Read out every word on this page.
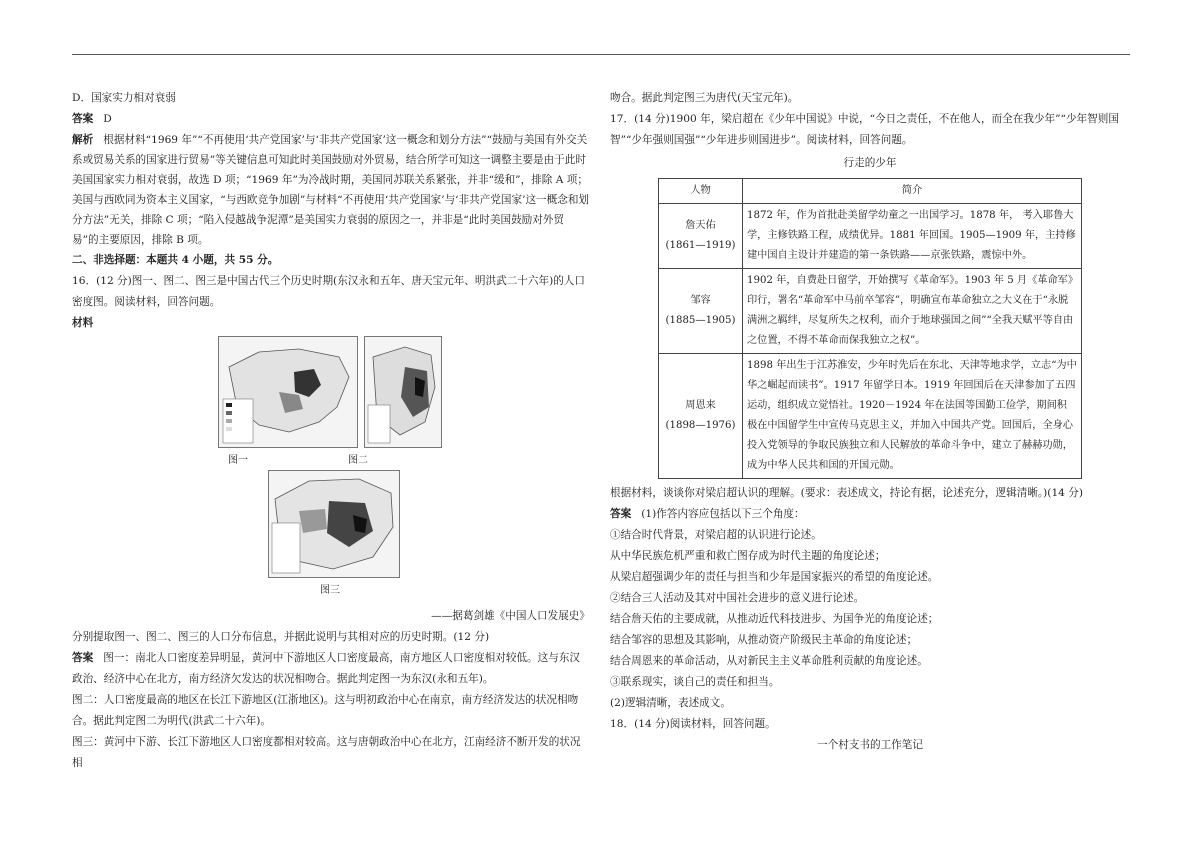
D．国家实力相对衰弱

答案 D

解析 根据材料“1969 年”“不再使用‘共产党国家’与‘非共产党国家’这一概念和划分方法”“鼓励与美国有外交关系或贸易关系的国家进行贸易”等关键信息可知此时美国鼓励对外贸易，结合所学可知这一调整主要是由于此时美国国家实力相对衰弱，故选 D 项；“1969 年”为冷战时期，美国同苏联关系紧张，并非“缓和”，排除 A 项；美国与西欧同为资本主义国家，“与西欧竞争加剧”与材料“不再使用‘共产党国家’与‘非共产党国家’这一概念和划分方法”无关，排除 C 项；“陷入侵越战争泥潭”是美国实力衰弱的原因之一，并非是“此时美国鼓励对外贸易”的主要原因，排除 B 项。

二、非选择题：本题共 4 小题，共 55 分。

16．(12 分)图一、图二、图三是中国古代三个历史时期(东汉永和五年、唐天宝元年、明洪武二十六年)的人口密度图。阅读材料，回答问题。

材料

图一	图二
图三

——据葛剑雄《中国人口发展史》

分别提取图一、图二、图三的人口分布信息，并据此说明与其相对应的历史时期。(12 分)

答案 图一：南北人口密度差异明显，黄河中下游地区人口密度最高，南方地区人口密度相对较低。这与东汉政治、经济中心在北方，南方经济欠发达的状况相吻合。据此判定图一为东汉(永和五年)。

图二：人口密度最高的地区在长江下游地区(江浙地区)。这与明初政治中心在南京，南方经济发达的状况相吻合。据此判定图二为明代(洪武二十六年)。

图三：黄河中下游、长江下游地区人口密度都相对较高。这与唐朝政治中心在北方，江南经济不断开发的状况相

吻合。据此判定图三为唐代(天宝元年)。

17．(14 分)1900 年，梁启超在《少年中国说》中说，“今日之责任，不在他人，而全在我少年”“少年智则国智”“少年强则国强”“少年进步则国进步”。阅读材料，回答问题。

行走的少年

人物	简介

詹天佑
(1861—1919)	1872 年，作为首批赴美留学幼童之一出国学习。1878 年， 考入耶鲁大学，主修铁路工程，成绩优异。1881 年回国。1905—1909 年，主持修建中国自主设计并建造的第一条铁路——京张铁路，震惊中外。

邹容
(1885—1905)	1902 年，自费赴日留学，开始撰写《革命军》。1903 年 5 月《革命军》印行，署名“革命军中马前卒邹容”，明确宣布革命独立之大义在于“永脱满洲之羁绊，尽复所失之权利，而介于地球强国之间”“全我天赋平等自由之位置，不得不革命而保我独立之权”。

周恩来
(1898—1976)	1898 年出生于江苏淮安，少年时先后在东北、天津等地求学，立志“为中华之崛起而读书”。1917 年留学日本。1919 年回国后在天津参加了五四运动，组织成立觉悟社。1920－1924 年在法国等国勤工俭学，期间积极在中国留学生中宣传马克思主义，并加入中国共产党。回国后，全身心投入党领导的争取民族独立和人民解放的革命斗争中，建立了赫赫功勋，成为中华人民共和国的开国元勋。

根据材料，谈谈你对梁启超认识的理解。(要求：表述成文，持论有据，论述充分，逻辑清晰。)(14 分)

答案 (1)作答内容应包括以下三个角度：

①结合时代背景，对梁启超的认识进行论述。

从中华民族危机严重和救亡图存成为时代主题的角度论述；

从梁启超强调少年的责任与担当和少年是国家振兴的希望的角度论述。

②结合三人活动及其对中国社会进步的意义进行论述。

结合詹天佑的主要成就，从推动近代科技进步、为国争光的角度论述；

结合邹容的思想及其影响，从推动资产阶级民主革命的角度论述；

结合周恩来的革命活动，从对新民主主义革命胜利贡献的角度论述。

③联系现实，谈自己的责任和担当。

(2)逻辑清晰，表述成文。

18．(14 分)阅读材料，回答问题。

一个村支书的工作笔记
